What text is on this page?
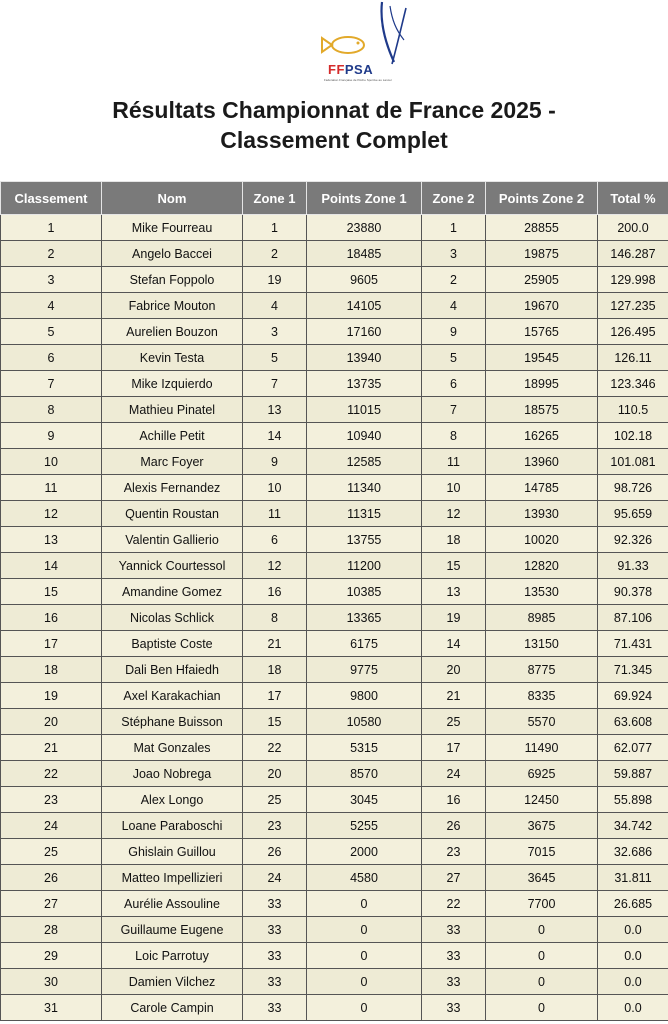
FFPSA
Fédération Française de Pêche Sportive au Lancer
Résultats Championnat de France 2025 -
Classement Complet
Classement	Nom	Zone 1	Points Zone 1	Zone 2	Points Zone 2	Total %
1	Mike Fourreau	1	23880	1	28855	200.0
2	Angelo Baccei	2	18485	3	19875	146.287
3	Stefan Foppolo	19	9605	2	25905	129.998
4	Fabrice Mouton	4	14105	4	19670	127.235
5	Aurelien Bouzon	3	17160	9	15765	126.495
6	Kevin Testa	5	13940	5	19545	126.11
7	Mike Izquierdo	7	13735	6	18995	123.346
8	Mathieu Pinatel	13	11015	7	18575	110.5
9	Achille Petit	14	10940	8	16265	102.18
10	Marc Foyer	9	12585	11	13960	101.081
11	Alexis Fernandez	10	11340	10	14785	98.726
12	Quentin Roustan	11	11315	12	13930	95.659
13	Valentin Gallierio	6	13755	18	10020	92.326
14	Yannick Courtessol	12	11200	15	12820	91.33
15	Amandine Gomez	16	10385	13	13530	90.378
16	Nicolas Schlick	8	13365	19	8985	87.106
17	Baptiste Coste	21	6175	14	13150	71.431
18	Dali Ben Hfaiedh	18	9775	20	8775	71.345
19	Axel Karakachian	17	9800	21	8335	69.924
20	Stéphane Buisson	15	10580	25	5570	63.608
21	Mat Gonzales	22	5315	17	11490	62.077
22	Joao Nobrega	20	8570	24	6925	59.887
23	Alex Longo	25	3045	16	12450	55.898
24	Loane Paraboschi	23	5255	26	3675	34.742
25	Ghislain Guillou	26	2000	23	7015	32.686
26	Matteo Impellizieri	24	4580	27	3645	31.811
27	Aurélie Assouline	33	0	22	7700	26.685
28	Guillaume Eugene	33	0	33	0	0.0
29	Loic Parrotuy	33	0	33	0	0.0
30	Damien Vilchez	33	0	33	0	0.0
31	Carole Campin	33	0	33	0	0.0
